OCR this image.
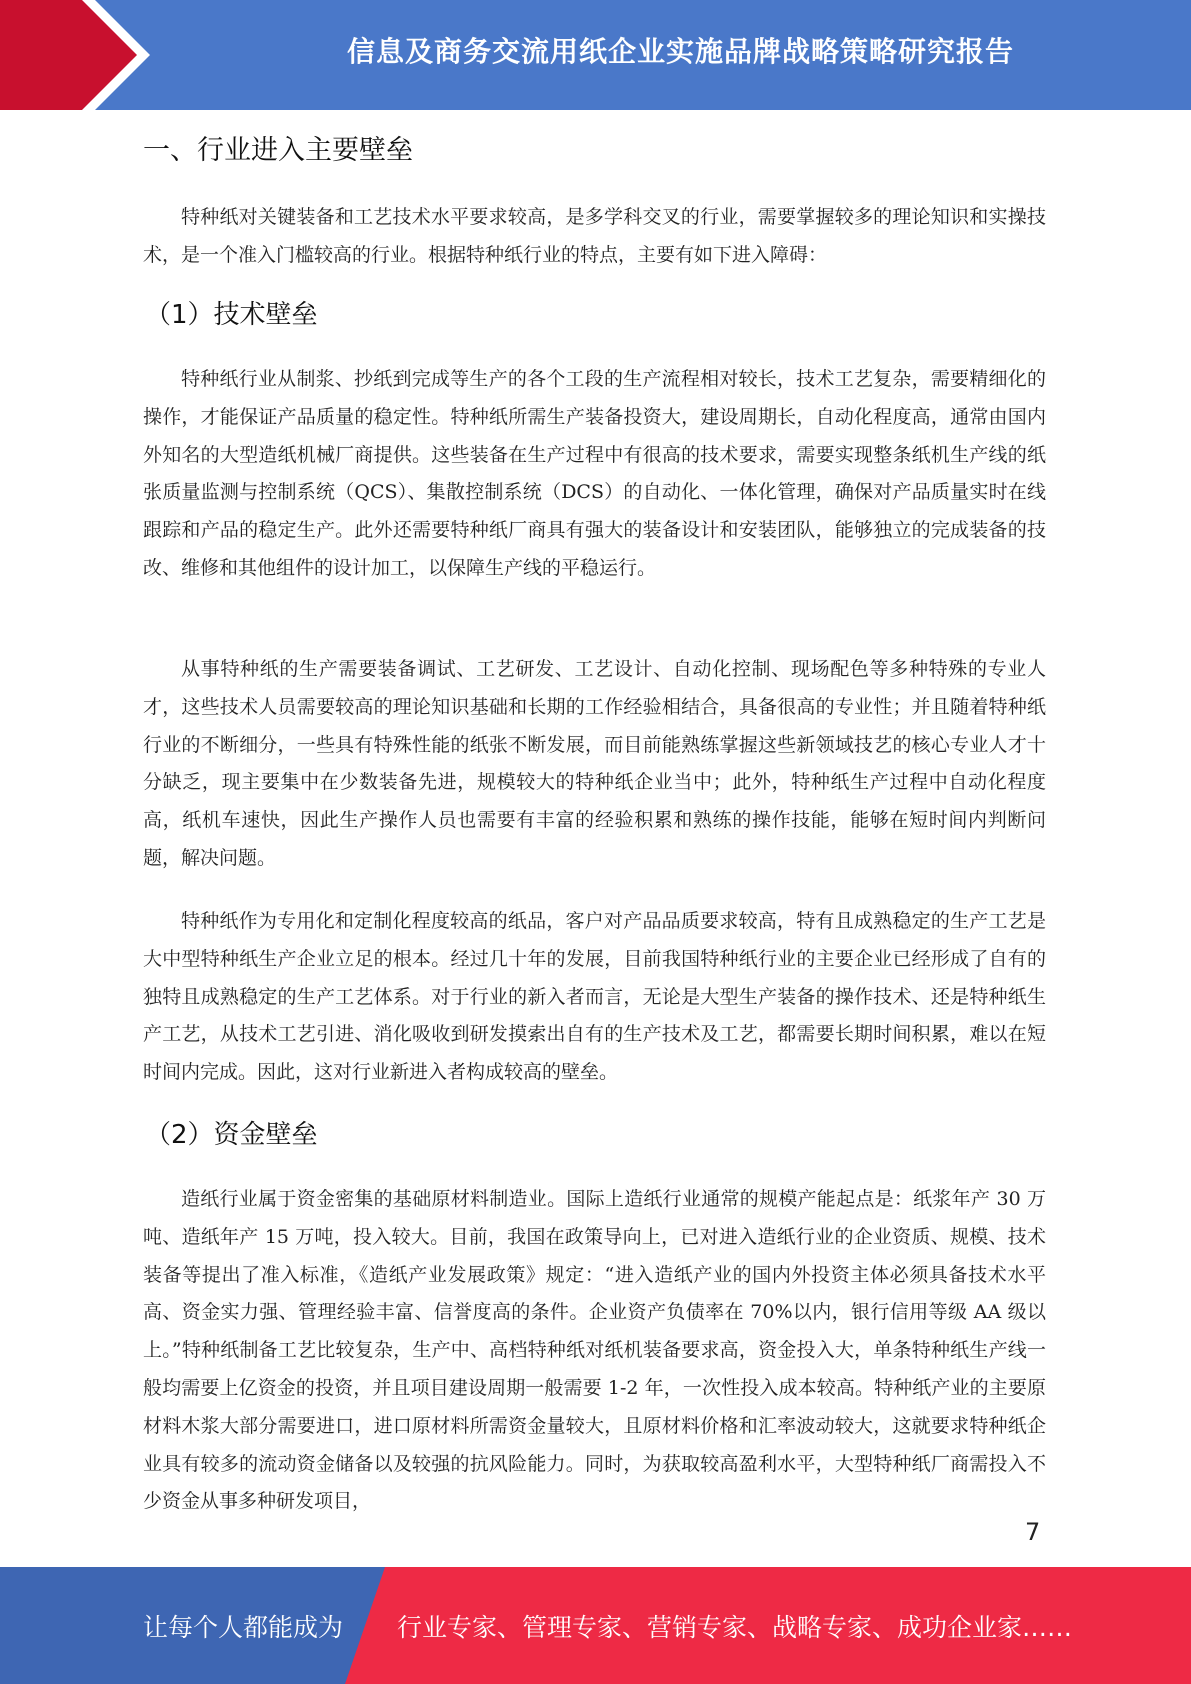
信息及商务交流用纸企业实施品牌战略策略研究报告
一、行业进入主要壁垒

特种纸对关键装备和工艺技术水平要求较高，是多学科交叉的行业，需要掌握较多的理论知识和实操技术，是一个准入门槛较高的行业。根据特种纸行业的特点，主要有如下进入障碍：

（1）技术壁垒

特种纸行业从制浆、抄纸到完成等生产的各个工段的生产流程相对较长，技术工艺复杂，需要精细化的操作，才能保证产品质量的稳定性。特种纸所需生产装备投资大，建设周期长，自动化程度高，通常由国内外知名的大型造纸机械厂商提供。这些装备在生产过程中有很高的技术要求，需要实现整条纸机生产线的纸张质量监测与控制系统（QCS）、集散控制系统（DCS）的自动化、一体化管理，确保对产品质量实时在线跟踪和产品的稳定生产。此外还需要特种纸厂商具有强大的装备设计和安装团队，能够独立的完成装备的技改、维修和其他组件的设计加工，以保障生产线的平稳运行。

从事特种纸的生产需要装备调试、工艺研发、工艺设计、自动化控制、现场配色等多种特殊的专业人才，这些技术人员需要较高的理论知识基础和长期的工作经验相结合，具备很高的专业性；并且随着特种纸行业的不断细分，一些具有特殊性能的纸张不断发展，而目前能熟练掌握这些新领域技艺的核心专业人才十分缺乏，现主要集中在少数装备先进，规模较大的特种纸企业当中；此外，特种纸生产过程中自动化程度高，纸机车速快，因此生产操作人员也需要有丰富的经验积累和熟练的操作技能，能够在短时间内判断问题，解决问题。

特种纸作为专用化和定制化程度较高的纸品，客户对产品品质要求较高，特有且成熟稳定的生产工艺是大中型特种纸生产企业立足的根本。经过几十年的发展，目前我国特种纸行业的主要企业已经形成了自有的独特且成熟稳定的生产工艺体系。对于行业的新入者而言，无论是大型生产装备的操作技术、还是特种纸生产工艺，从技术工艺引进、消化吸收到研发摸索出自有的生产技术及工艺，都需要长期时间积累，难以在短时间内完成。因此，这对行业新进入者构成较高的壁垒。

（2）资金壁垒

造纸行业属于资金密集的基础原材料制造业。国际上造纸行业通常的规模产能起点是：纸浆年产 30 万吨、造纸年产 15 万吨，投入较大。目前，我国在政策导向上，已对进入造纸行业的企业资质、规模、技术装备等提出了准入标准，《造纸产业发展政策》规定：“进入造纸产业的国内外投资主体必须具备技术水平高、资金实力强、管理经验丰富、信誉度高的条件。企业资产负债率在 70%以内，银行信用等级 AA 级以上。”特种纸制备工艺比较复杂，生产中、高档特种纸对纸机装备要求高，资金投入大，单条特种纸生产线一般均需要上亿资金的投资，并且项目建设周期一般需要 1-2 年，一次性投入成本较高。特种纸产业的主要原材料木浆大部分需要进口，进口原材料所需资金量较大，且原材料价格和汇率波动较大，这就要求特种纸企业具有较多的流动资金储备以及较强的抗风险能力。同时，为获取较高盈利水平，大型特种纸厂商需投入不少资金从事多种研发项目，

7
让每个人都能成为 行业专家、管理专家、营销专家、战略专家、成功企业家……
